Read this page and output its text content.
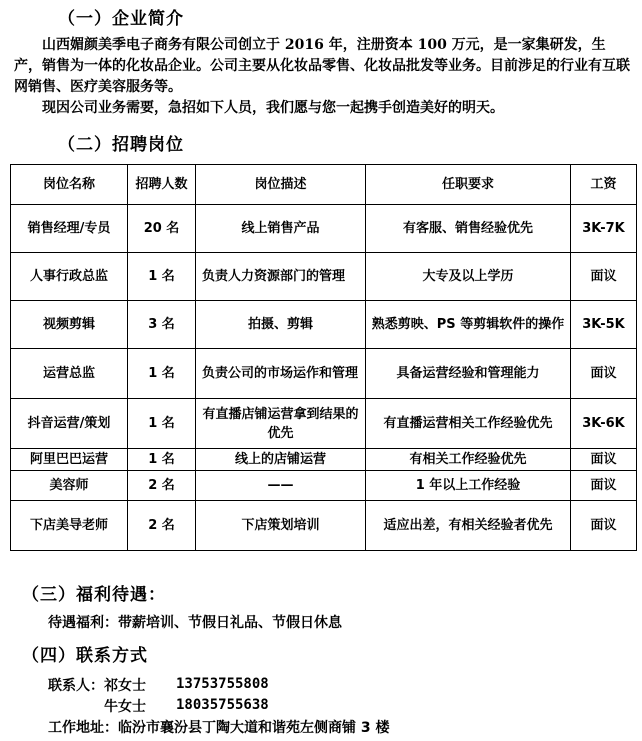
（一）企业简介

山西媚颜美季电子商务有限公司创立于 2016 年，注册资本 100 万元，是一家集研发，生产，销售为一体的化妆品企业。公司主要从化妆品零售、化妆品批发等业务。目前涉足的行业有互联网销售、医疗美容服务等。

现因公司业务需要，急招如下人员，我们愿与您一起携手创造美好的明天。

（二）招聘岗位
岗位名称	招聘人数	岗位描述	任职要求	工资
销售经理/专员	20 名	线上销售产品	有客服、销售经验优先	3K-7K
人事行政总监	1 名	负责人力资源部门的管理	大专及以上学历	面议
视频剪辑	3 名	拍摄、剪辑	熟悉剪映、PS 等剪辑软件的操作	3K-5K
运营总监	1 名	负责公司的市场运作和管理	具备运营经验和管理能力	面议
抖音运营/策划	1 名	有直播店铺运营拿到结果的优先	有直播运营相关工作经验优先	3K-6K
阿里巴巴运营	1 名	线上的店铺运营	有相关工作经验优先	面议
美容师	2 名	——	1 年以上工作经验	面议
下店美导老师	2 名	下店策划培训	适应出差，有相关经验者优先	面议
（三）福利待遇：
待遇福利：带薪培训、节假日礼品、节假日休息
（四）联系方式
联系人：祁女士 13753755808
牛女士 18035755638
工作地址：临汾市襄汾县丁陶大道和谐苑左侧商铺 3 楼
